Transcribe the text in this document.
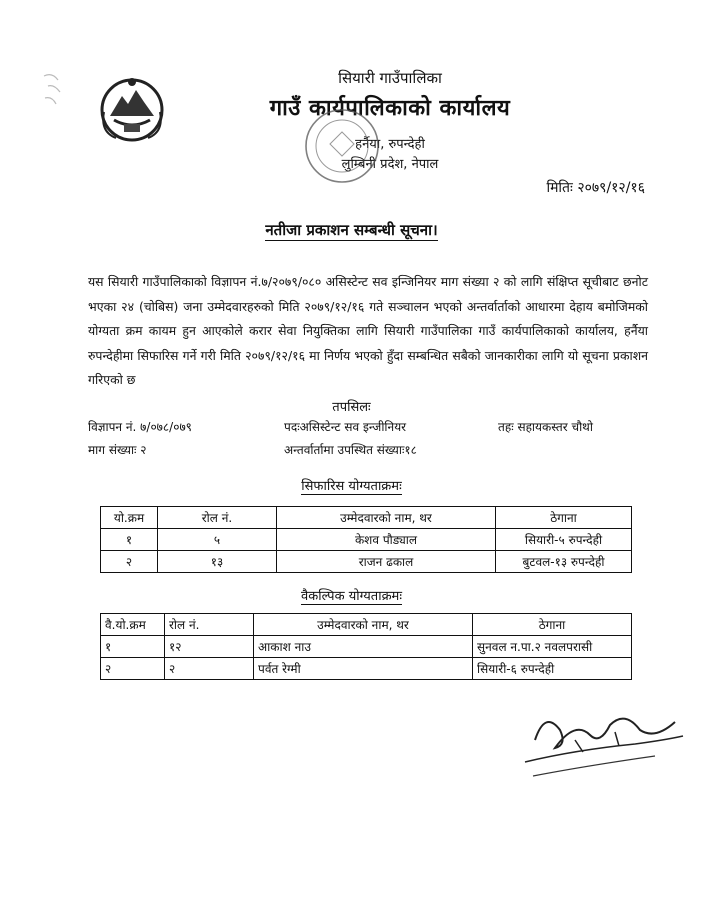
सियारी गाउँपालिका
गाउँ कार्यपालिकाको कार्यालय
हर्नैया, रुपन्देही
लुम्बिनी प्रदेश, नेपाल
मितिः २०७९/१२/१६
नतीजा प्रकाशन सम्बन्धी सूचना।
यस सियारी गाउँपालिकाको विज्ञापन नं.७/२०७९/०८० असिस्टेन्ट सव इन्जिनियर माग संख्या २ को लागि संक्षिप्त सूचीबाट छनोट भएका २४ (चोबिस) जना उम्मेदवारहरुको मिति २०७९/१२/१६ गते सञ्चालन भएको अन्तर्वार्ताको आधारमा देहाय बमोजिमको योग्यता क्रम कायम हुन आएकोले करार सेवा नियुक्तिका लागि सियारी गाउँपालिका गाउँ कार्यपालिकाको कार्यालय, हर्नैया रुपन्देहीमा सिफारिस गर्ने गरी मिति २०७९/१२/१६ मा निर्णय भएको हुँदा सम्बन्धित सबैको जानकारीका लागि यो सूचना प्रकाशन गरिएको छ
तपसिलः
विज्ञापन नं. ७/०७८/०७९	पदःअसिस्टेन्ट सव इन्जीनियर	तहः सहायकस्तर चौथो
माग संख्याः २	अन्तर्वार्तामा उपस्थित संख्याः१८
सिफारिस योग्यताक्रमः
यो.क्रम	रोल नं.	उम्मेदवारको नाम, थर	ठेगाना
१	५	केशव पौड्याल	सियारी-५ रुपन्देही
२	१३	राजन ढकाल	बुटवल-१३ रुपन्देही
वैकल्पिक योग्यताक्रमः
वै.यो.क्रम	रोल नं.	उम्मेदवारको नाम, थर	ठेगाना
१	१२	आकाश नाउ	सुनवल न.पा.२ नवलपरासी
२	२	पर्वत रेग्मी	सियारी-६ रुपन्देही
